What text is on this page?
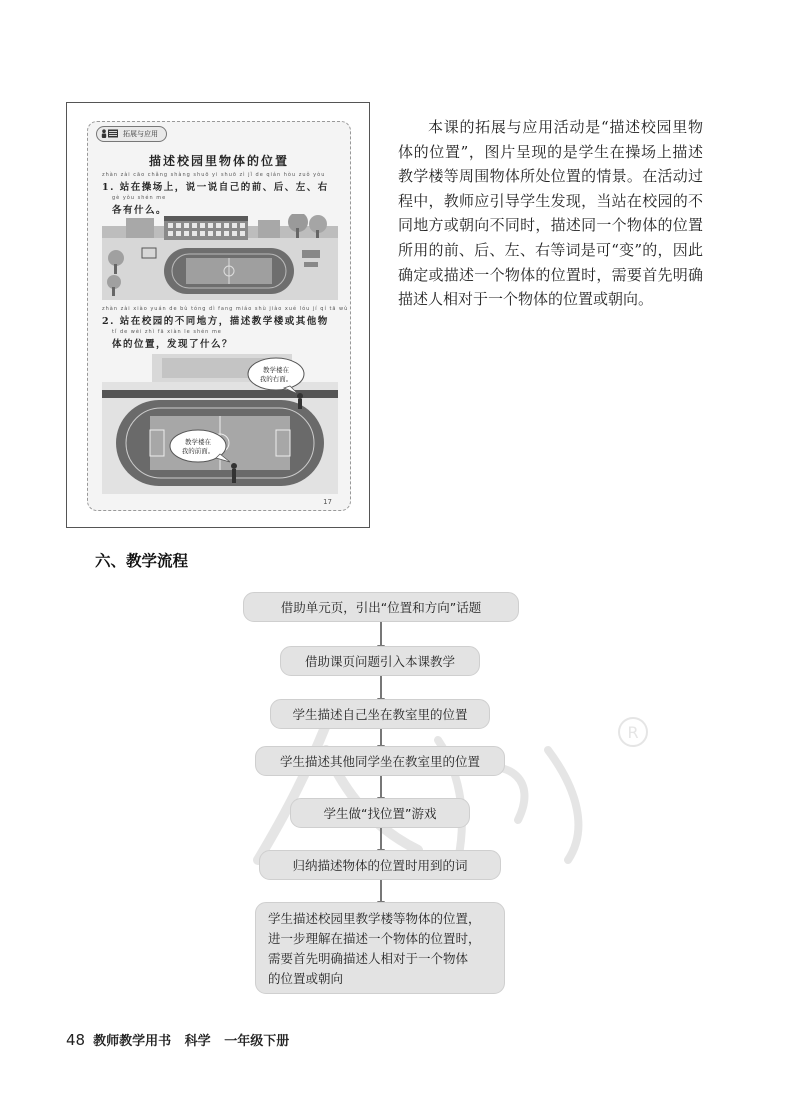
拓展与应用
描述校园里物体的位置
zhàn zài cāo chǎng shàng shuō yi shuō zì jǐ de qián hòu zuǒ yòu
1. 站在操场上，说一说自己的前、后、左、右
gè yǒu shén me
各有什么。
zhàn zài xiào yuán de bù tóng dì fang miáo shù jiào xué lóu jí qí tā wù
2. 站在校园的不同地方，描述教学楼或其他物
tǐ de wèi zhì fā xiàn le shén me
体的位置，发现了什么？
教学楼在
我的右面。
教学楼在
我的前面。
17
本课的拓展与应用活动是“描述校园里物体的位置”，图片呈现的是学生在操场上描述教学楼等周围物体所处位置的情景。在活动过程中，教师应引导学生发现，当站在校园的不同地方或朝向不同时，描述同一个物体的位置所用的前、后、左、右等词是可“变”的，因此确定或描述一个物体的位置时，需要首先明确描述人相对于一个物体的位置或朝向。
六、教学流程
R
借助单元页，引出“位置和方向”话题
借助课页问题引入本课教学
学生描述自己坐在教室里的位置
学生描述其他同学坐在教室里的位置
学生做“找位置”游戏
归纳描述物体的位置时用到的词
学生描述校园里教学楼等物体的位置，
进一步理解在描述一个物体的位置时，
需要首先明确描述人相对于一个物体
的位置或朝向
48 教师教学用书   科学   一年级下册
